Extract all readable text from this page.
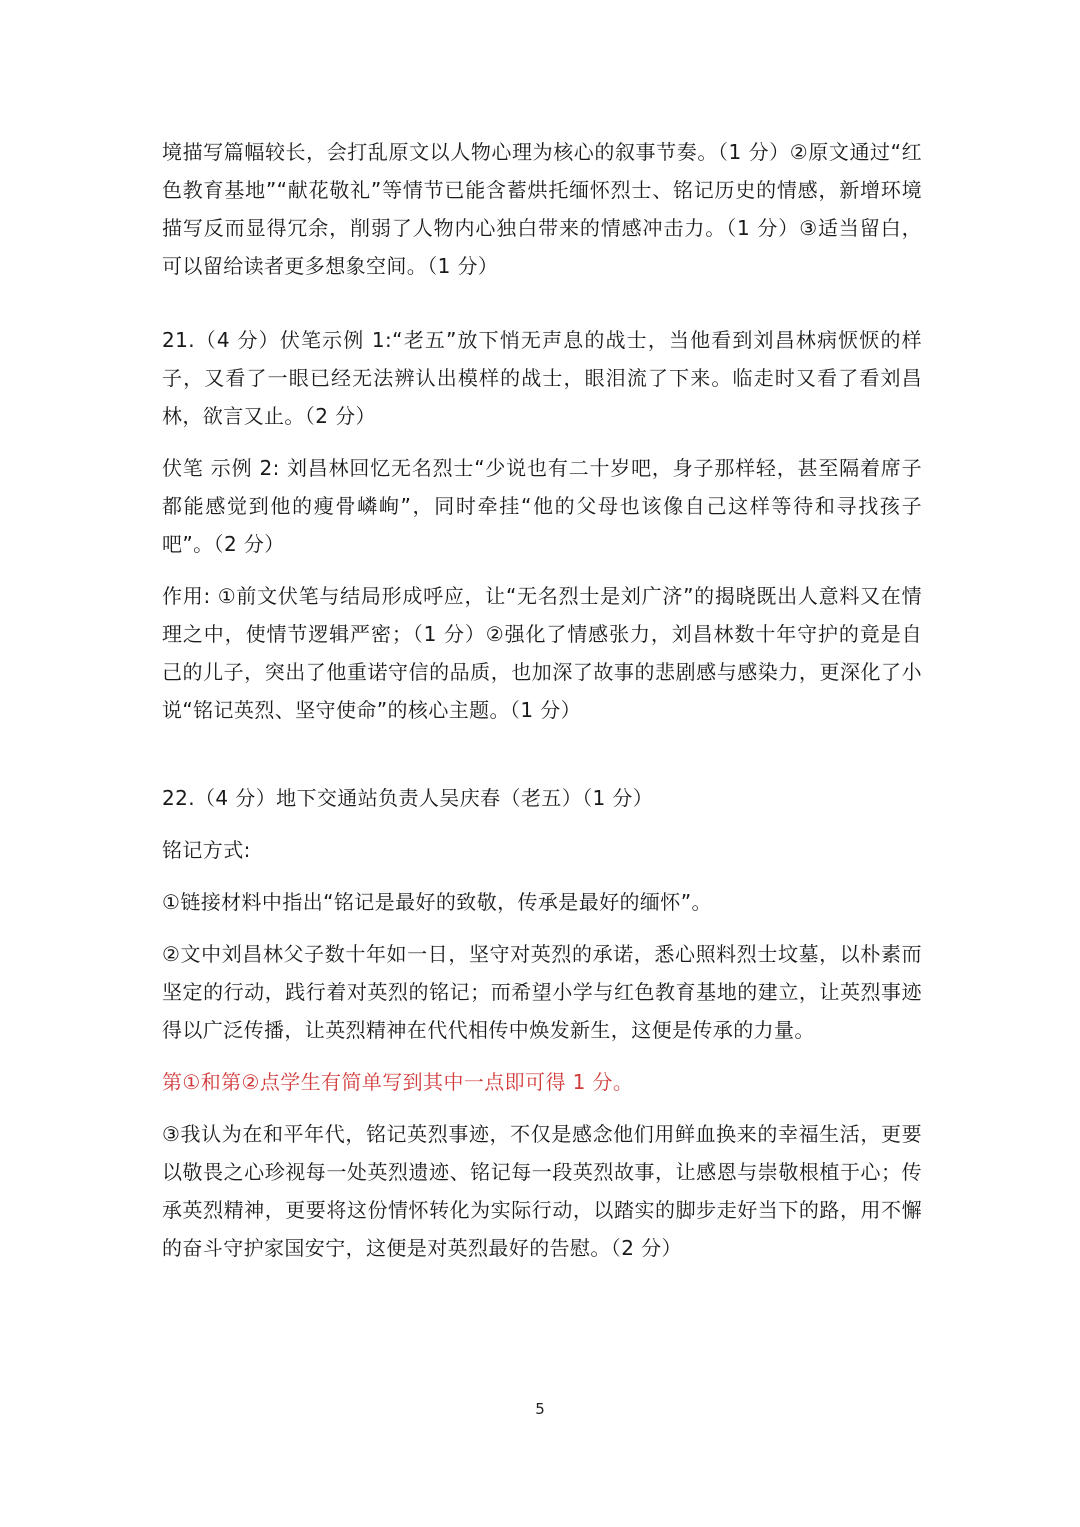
境描写篇幅较长，会打乱原文以人物心理为核心的叙事节奏。（1 分）②原文通过“红色教育基地”“献花敬礼”等情节已能含蓄烘托缅怀烈士、铭记历史的情感，新增环境描写反而显得冗余，削弱了人物内心独白带来的情感冲击力。（1 分）③适当留白，可以留给读者更多想象空间。（1 分）

21.（4 分）伏笔示例 1:“老五”放下悄无声息的战士，当他看到刘昌林病恹恹的样子，又看了一眼已经无法辨认出模样的战士，眼泪流了下来。临走时又看了看刘昌林，欲言又止。（2 分）

伏笔 示例 2: 刘昌林回忆无名烈士“少说也有二十岁吧，身子那样轻，甚至隔着席子都能感觉到他的瘦骨嶙峋”，同时牵挂“他的父母也该像自己这样等待和寻找孩子吧”。（2 分）

作用: ①前文伏笔与结局形成呼应，让“无名烈士是刘广济”的揭晓既出人意料又在情理之中，使情节逻辑严密；（1 分）②强化了情感张力，刘昌林数十年守护的竟是自己的儿子，突出了他重诺守信的品质，也加深了故事的悲剧感与感染力，更深化了小说“铭记英烈、坚守使命”的核心主题。（1 分）

22.（4 分）地下交通站负责人吴庆春（老五）（1 分）

铭记方式:

①链接材料中指出“铭记是最好的致敬，传承是最好的缅怀”。

②文中刘昌林父子数十年如一日，坚守对英烈的承诺，悉心照料烈士坟墓，以朴素而坚定的行动，践行着对英烈的铭记；而希望小学与红色教育基地的建立，让英烈事迹得以广泛传播，让英烈精神在代代相传中焕发新生，这便是传承的力量。

第①和第②点学生有简单写到其中一点即可得 1 分。

③我认为在和平年代，铭记英烈事迹，不仅是感念他们用鲜血换来的幸福生活，更要以敬畏之心珍视每一处英烈遗迹、铭记每一段英烈故事，让感恩与崇敬根植于心；传承英烈精神，更要将这份情怀转化为实际行动，以踏实的脚步走好当下的路，用不懈的奋斗守护家国安宁，这便是对英烈最好的告慰。（2 分）

5
